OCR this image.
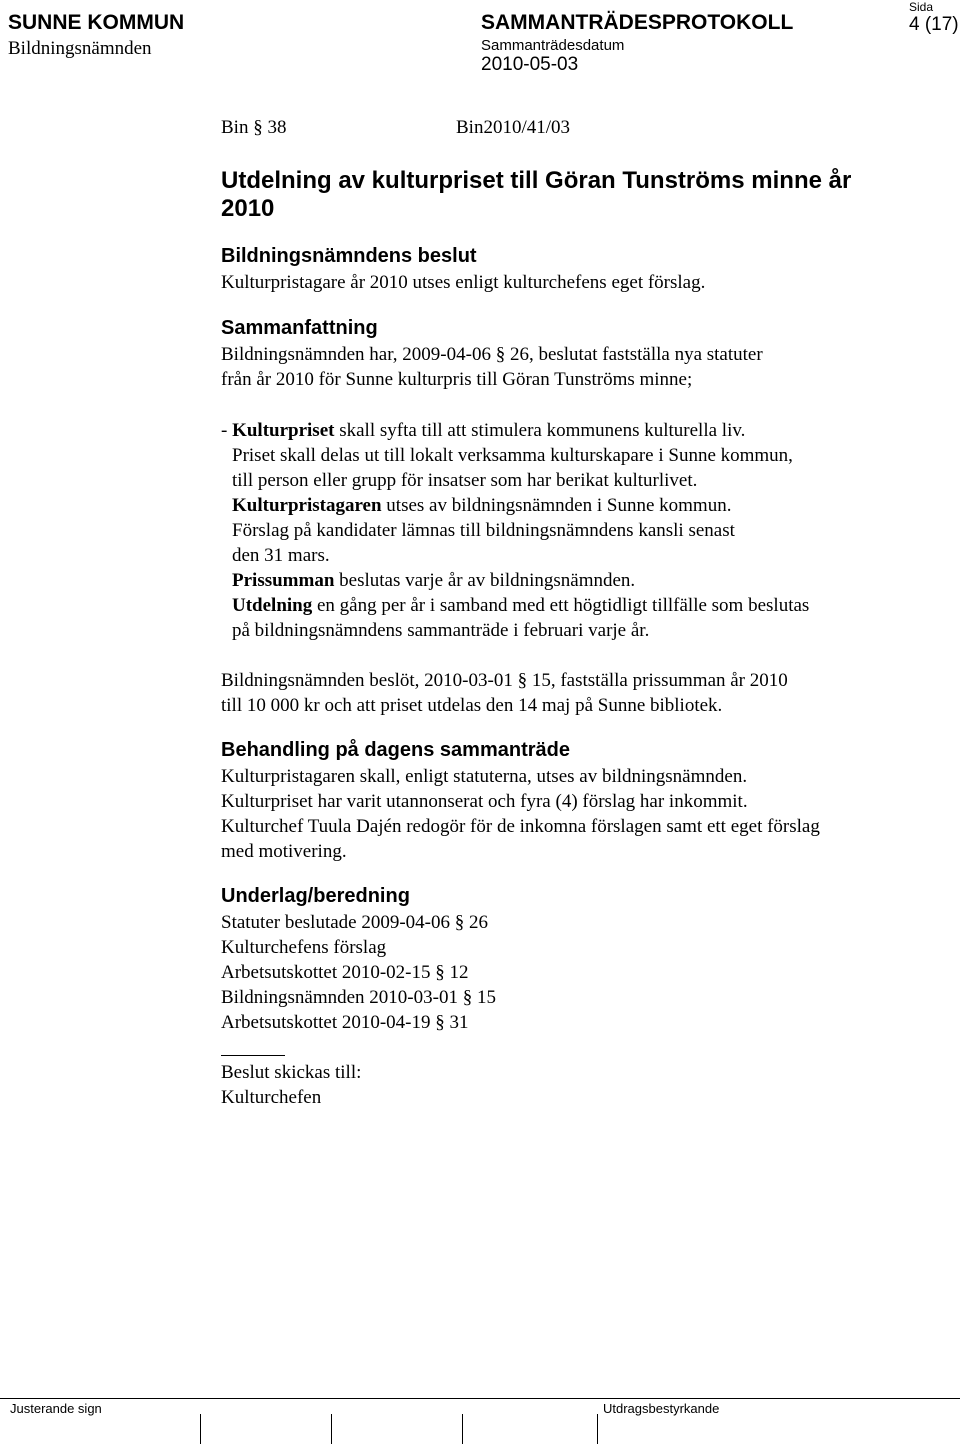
SUNNE KOMMUN
Bildningsnämnden
SAMMANTRÄDESPROTOKOLL
Sammanträdesdatum
2010-05-03
Sida
4 (17)
Bin § 38	Bin2010/41/03
Utdelning av kulturpriset till Göran Tunströms minne år 2010
Bildningsnämndens beslut
Kulturpristagare år 2010 utses enligt kulturchefens eget förslag.
Sammanfattning
Bildningsnämnden har, 2009-04-06 § 26, beslutat fastställa nya statuter
från år 2010 för Sunne kulturpris till Göran Tunströms minne;
- Kulturpriset skall syfta till att stimulera kommunens kulturella liv.
Priset skall delas ut till lokalt verksamma kulturskapare i Sunne kommun,
till person eller grupp för insatser som har berikat kulturlivet.
Kulturpristagaren utses av bildningsnämnden i Sunne kommun.
Förslag på kandidater lämnas till bildningsnämndens kansli senast
den 31 mars.
Prissumman beslutas varje år av bildningsnämnden.
Utdelning en gång per år i samband med ett högtidligt tillfälle som beslutas
på bildningsnämndens sammanträde i februari varje år.
Bildningsnämnden beslöt, 2010-03-01 § 15, fastställa prissumman år 2010
till 10 000 kr och att priset utdelas den 14 maj på Sunne bibliotek.
Behandling på dagens sammanträde
Kulturpristagaren skall, enligt statuterna, utses av bildningsnämnden.
Kulturpriset har varit utannonserat och fyra (4) förslag har inkommit.
Kulturchef Tuula Dajén redogör för de inkomna förslagen samt ett eget förslag
med motivering.
Underlag/beredning
Statuter beslutade 2009-04-06 § 26
Kulturchefens förslag
Arbetsutskottet 2010-02-15 § 12
Bildningsnämnden 2010-03-01 § 15
Arbetsutskottet 2010-04-19 § 31
Beslut skickas till:
Kulturchefen
Justerande sign	Utdragsbestyrkande
